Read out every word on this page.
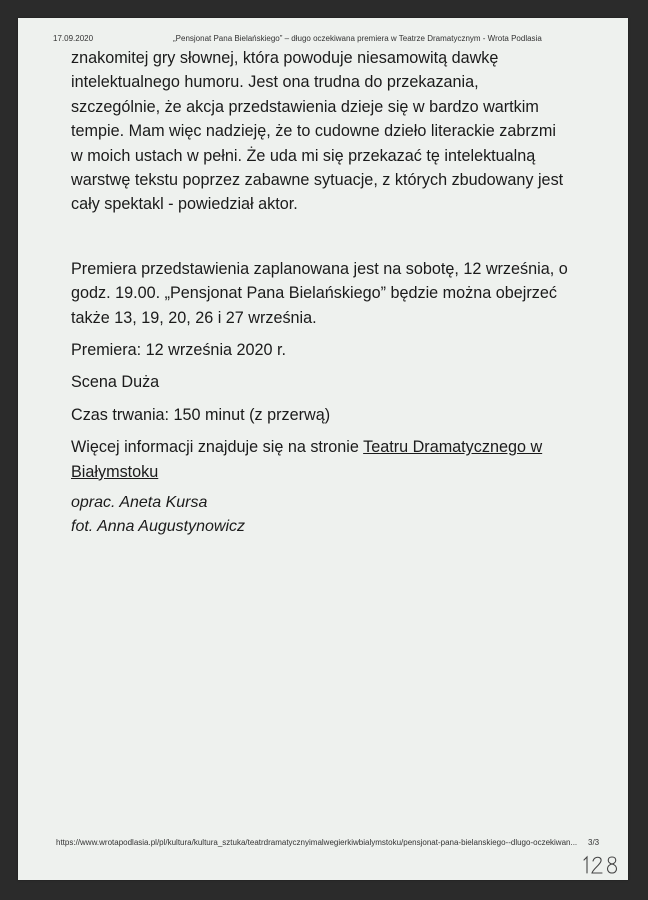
17.09.2020	„Pensjonat Pana Bielańskiego” – długo oczekiwana premiera w Teatrze Dramatycznym - Wrota Podlasia

znakomitej gry słownej, która powoduje niesamowitą dawkę intelektualnego humoru. Jest ona trudna do przekazania, szczególnie, że akcja przedstawienia dzieje się w bardzo wartkim tempie. Mam więc nadzieję, że to cudowne dzieło literackie zabrzmi w moich ustach w pełni. Że uda mi się przekazać tę intelektualną warstwę tekstu poprzez zabawne sytuacje, z których zbudowany jest cały spektakl - powiedział aktor.

Premiera przedstawienia zaplanowana jest na sobotę, 12 września, o godz. 19.00. „Pensjonat Pana Bielańskiego” będzie można obejrzeć także 13, 19, 20, 26 i 27 września.

Premiera: 12 września 2020 r.

Scena Duża

Czas trwania: 150 minut (z przerwą)

Więcej informacji znajduje się na stronie Teatru Dramatycznego w Białymstoku

oprac. Aneta Kursa

fot. Anna Augustynowicz

https://www.wrotapodlasia.pl/pl/kultura/kultura_sztuka/teatrdramatycznyimalwegierkiwbialymstoku/pensjonat-pana-bielanskiego--dlugo-oczekiwan... 3/3
